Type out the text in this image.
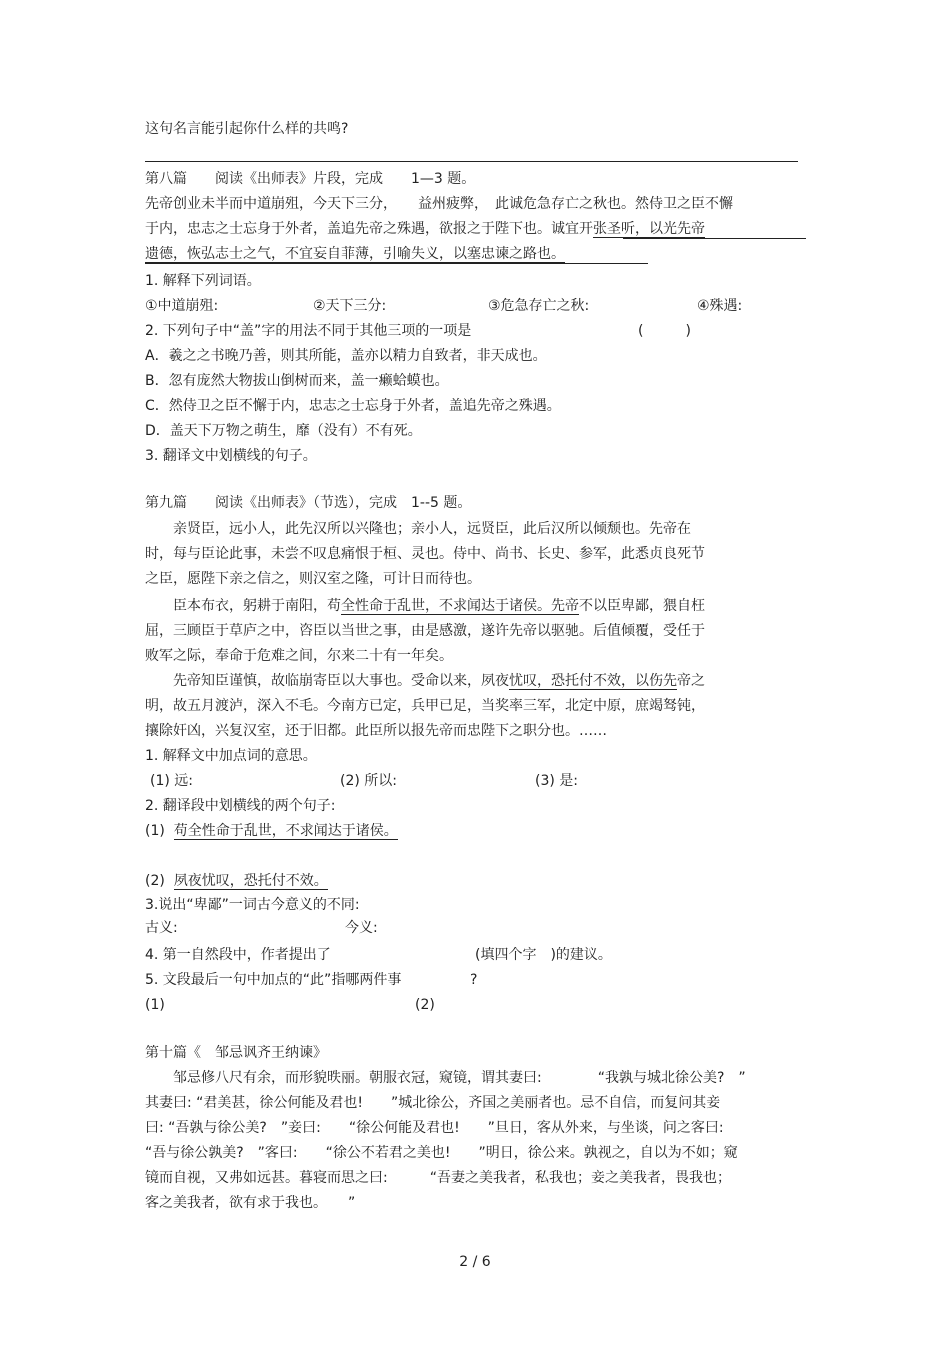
这句名言能引起你什么样的共鸣?
第八篇　　阅读《出师表》片段，完成　　1—3 题。
先帝创业未半而中道崩殂，今天下三分，　　益州疲弊，　此诚危急存亡之秋也。然侍卫之臣不懈
于内，忠志之士忘身于外者，盖追先帝之殊遇，欲报之于陛下也。诚宜开张圣听，以光先帝
遗德，恢弘志士之气，不宜妄自菲薄，引喻失义，以塞忠谏之路也。
1. 解释下列词语。
①中道崩殂:	②天下三分:	③危急存亡之秋:	④殊遇:
2. 下列句子中“盖”字的用法不同于其他三项的一项是	(　　　)
A．羲之之书晚乃善，则其所能，盖亦以精力自致者，非天成也。
B．忽有庞然大物拔山倒树而来，盖一癞蛤蟆也。
C．然侍卫之臣不懈于内，忠志之士忘身于外者，盖追先帝之殊遇。
D．盖天下万物之萌生，靡（没有）不有死。
3. 翻译文中划横线的句子。
第九篇　　阅读《出师表》（节选），完成　1--5 题。
　　亲贤臣，远小人，此先汉所以兴隆也；亲小人，远贤臣，此后汉所以倾颓也。先帝在
时，每与臣论此事，未尝不叹息痛恨于桓、灵也。侍中、尚书、长史、参军，此悉贞良死节
之臣，愿陛下亲之信之，则汉室之隆，可计日而待也。
　　臣本布衣，躬耕于南阳，苟全性命于乱世，不求闻达于诸侯。先帝不以臣卑鄙，猥自枉
屈，三顾臣于草庐之中，咨臣以当世之事，由是感激，遂许先帝以驱驰。后值倾覆，受任于
败军之际，奉命于危难之间，尔来二十有一年矣。
　　先帝知臣谨慎，故临崩寄臣以大事也。受命以来，夙夜忧叹，恐托付不效，以伤先帝之
明，故五月渡泸，深入不毛。今南方已定，兵甲已足，当奖率三军，北定中原，庶竭驽钝，
攘除奸凶，兴复汉室，还于旧都。此臣所以报先帝而忠陛下之职分也。……
1. 解释文中加点词的意思。
(1) 远:	(2) 所以:	(3) 是:
2. 翻译段中划横线的两个句子:
(1) 苟全性命于乱世，不求闻达于诸侯。
(2) 夙夜忧叹，恐托付不效。
3.说出“卑鄙”一词古今意义的不同:
古义:	今义:
4. 第一自然段中，作者提出了	(填四个字　)的建议。
5. 文段最后一句中加点的“此”指哪两件事	?
(1)	(2)
第十篇《　邹忌讽齐王纳谏》
　　邹忌修八尺有余，而形貌昳丽。朝服衣冠，窥镜，谓其妻曰:　　　　“我孰与城北徐公美?　”
其妻曰: “君美甚，徐公何能及君也!　　”城北徐公，齐国之美丽者也。忌不自信，而复问其妾
曰: “吾孰与徐公美?　”妾曰:　　“徐公何能及君也!　　”旦日，客从外来，与坐谈，问之客曰:
“吾与徐公孰美?　”客曰:　　“徐公不若君之美也!　　”明日，徐公来。孰视之，自以为不如；窥
镜而自视，又弗如远甚。暮寝而思之曰:　　　“吾妻之美我者，私我也；妾之美我者，畏我也；
客之美我者，欲有求于我也。　　”
2 / 6
